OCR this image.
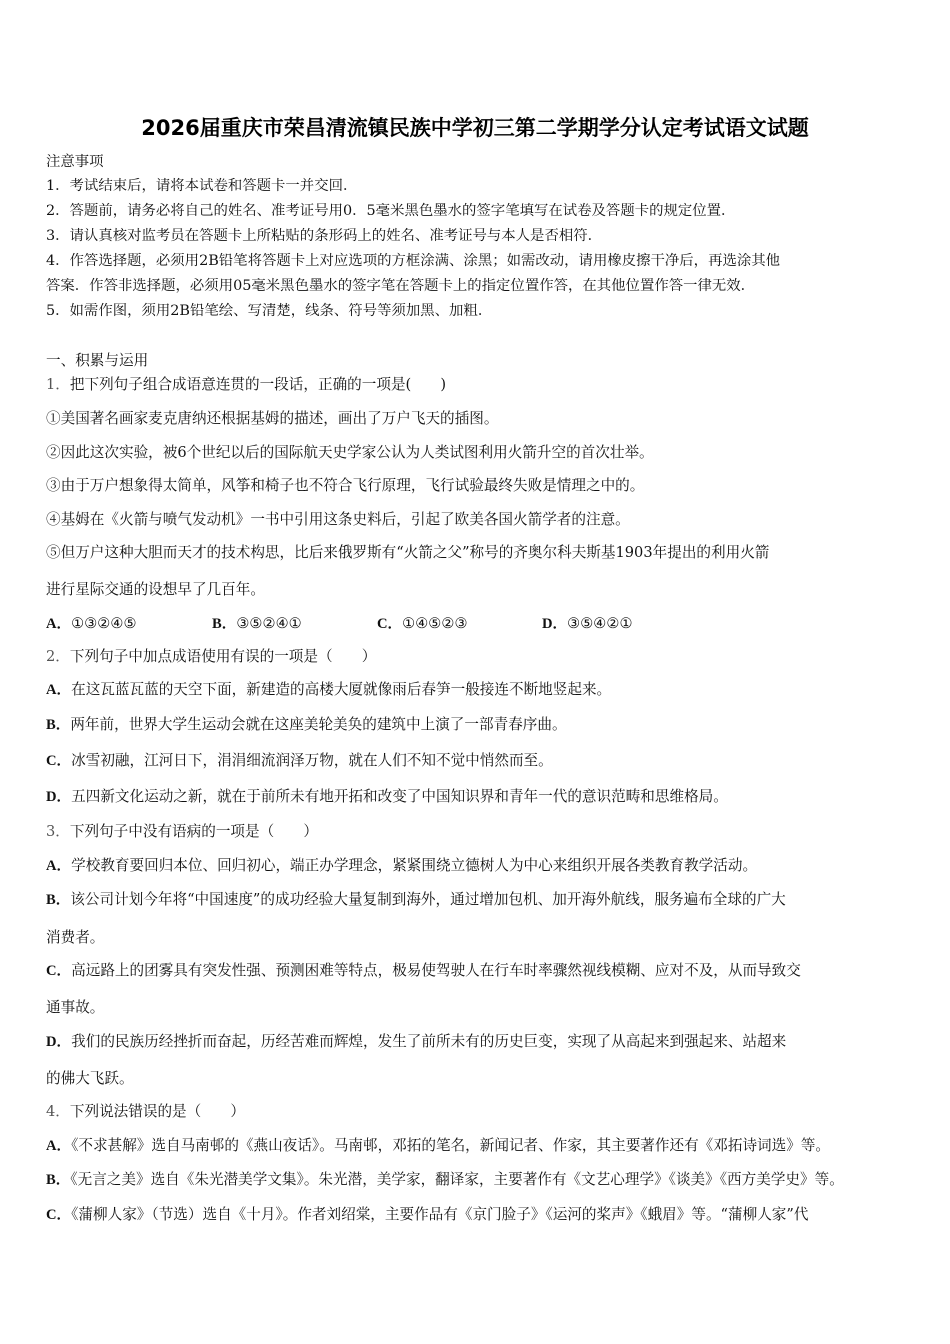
2026届重庆市荣昌清流镇民族中学初三第二学期学分认定考试语文试题
注意事项
1．考试结束后，请将本试卷和答题卡一并交回．
2．答题前，请务必将自己的姓名、准考证号用0．5毫米黑色墨水的签字笔填写在试卷及答题卡的规定位置．
3．请认真核对监考员在答题卡上所粘贴的条形码上的姓名、准考证号与本人是否相符．
4．作答选择题，必须用2B铅笔将答题卡上对应选项的方框涂满、涂黑；如需改动，请用橡皮擦干净后，再选涂其他
答案．作答非选择题，必须用05毫米黑色墨水的签字笔在答题卡上的指定位置作答，在其他位置作答一律无效．
5．如需作图，须用2B铅笔绘、写清楚，线条、符号等须加黑、加粗．
一、积累与运用
1．把下列句子组合成语意连贯的一段话，正确的一项是(　　)
①美国著名画家麦克唐纳还根据基姆的描述，画出了万户飞天的插图。
②因此这次实验，被6个世纪以后的国际航天史学家公认为人类试图利用火箭升空的首次壮举。
③由于万户想象得太简单，风筝和椅子也不符合飞行原理，飞行试验最终失败是情理之中的。
④基姆在《火箭与喷气发动机》一书中引用这条史料后，引起了欧美各国火箭学者的注意。
⑤但万户这种大胆而天才的技术构思，比后来俄罗斯有“火箭之父”称号的齐奥尔科夫斯基1903年提出的利用火箭
进行星际交通的设想早了几百年。
A．①③②④⑤	B．③⑤②④①	C．①④⑤②③	D．③⑤④②①
2．下列句子中加点成语使用有误的一项是（　　）
A．在这瓦蓝瓦蓝的天空下面，新建造的高楼大厦就像雨后春笋一般接连不断地竖起来。
B．两年前，世界大学生运动会就在这座美轮美奂的建筑中上演了一部青春序曲。
C．冰雪初融，江河日下，涓涓细流润泽万物，就在人们不知不觉中悄然而至。
D．五四新文化运动之新，就在于前所未有地开拓和改变了中国知识界和青年一代的意识范畴和思维格局。
3．下列句子中没有语病的一项是（　　）
A．学校教育要回归本位、回归初心，端正办学理念，紧紧围绕立德树人为中心来组织开展各类教育教学活动。
B．该公司计划今年将“中国速度”的成功经验大量复制到海外，通过增加包机、加开海外航线，服务遍布全球的广大
消费者。
C．高远路上的团雾具有突发性强、预测困难等特点，极易使驾驶人在行车时率骤然视线模糊、应对不及，从而导致交
通事故。
D．我们的民族历经挫折而奋起，历经苦难而辉煌，发生了前所未有的历史巨变，实现了从高起来到强起来、站超来
的佛大飞跃。
4．下列说法错误的是（　　）
A．《不求甚解》选自马南邨的《燕山夜话》。马南邨，邓拓的笔名，新闻记者、作家，其主要著作还有《邓拓诗词选》等。
B．《无言之美》选自《朱光潜美学文集》。朱光潜，美学家，翻译家，主要著作有《文艺心理学》《谈美》《西方美学史》等。
C．《蒲柳人家》（节选）选自《十月》。作者刘绍棠，主要作品有《京门脸子》《运河的桨声》《蛾眉》等。“蒲柳人家”代
